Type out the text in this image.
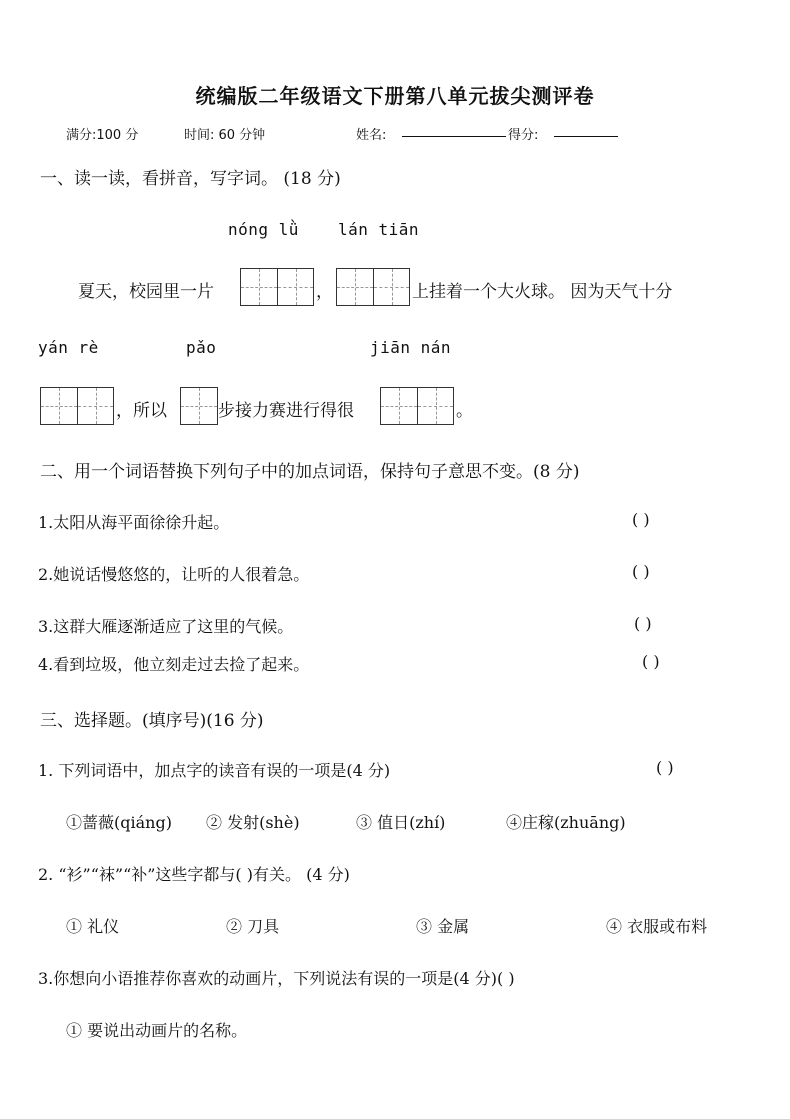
统编版二年级语文下册第八单元拔尖测评卷
满分:100 分	时间: 60 分钟	姓名:	得分:
一、读一读，看拼音，写字词。 (18 分)
nóng lǜ lán tiān
夏天，校园里一片	，	上挂着一个大火球。 因为天气十分
yán rè	pǎo	jiān nán
，所以	步接力赛进行得很	。
二、用一个词语替换下列句子中的加点词语，保持句子意思不变。(8 分)
1.太阳从海平面徐徐升起。	( )
2.她说话慢悠悠的，让听的人很着急。	( )
3.这群大雁逐渐适应了这里的气候。	( )
4.看到垃圾，他立刻走过去捡了起来。	( )
三、选择题。(填序号)(16 分)
1. 下列词语中，加点字的读音有误的一项是(4 分)	( )
①蔷薇(qiáng) ② 发射(shè)	③ 值日(zhí)	④庄稼(zhuāng)
2. “衫”“袜”“补”这些字都与( )有关。 (4 分)
① 礼仪	② 刀具	③ 金属	④ 衣服或布料
3.你想向小语推荐你喜欢的动画片，下列说法有误的一项是(4 分)( )
① 要说出动画片的名称。
